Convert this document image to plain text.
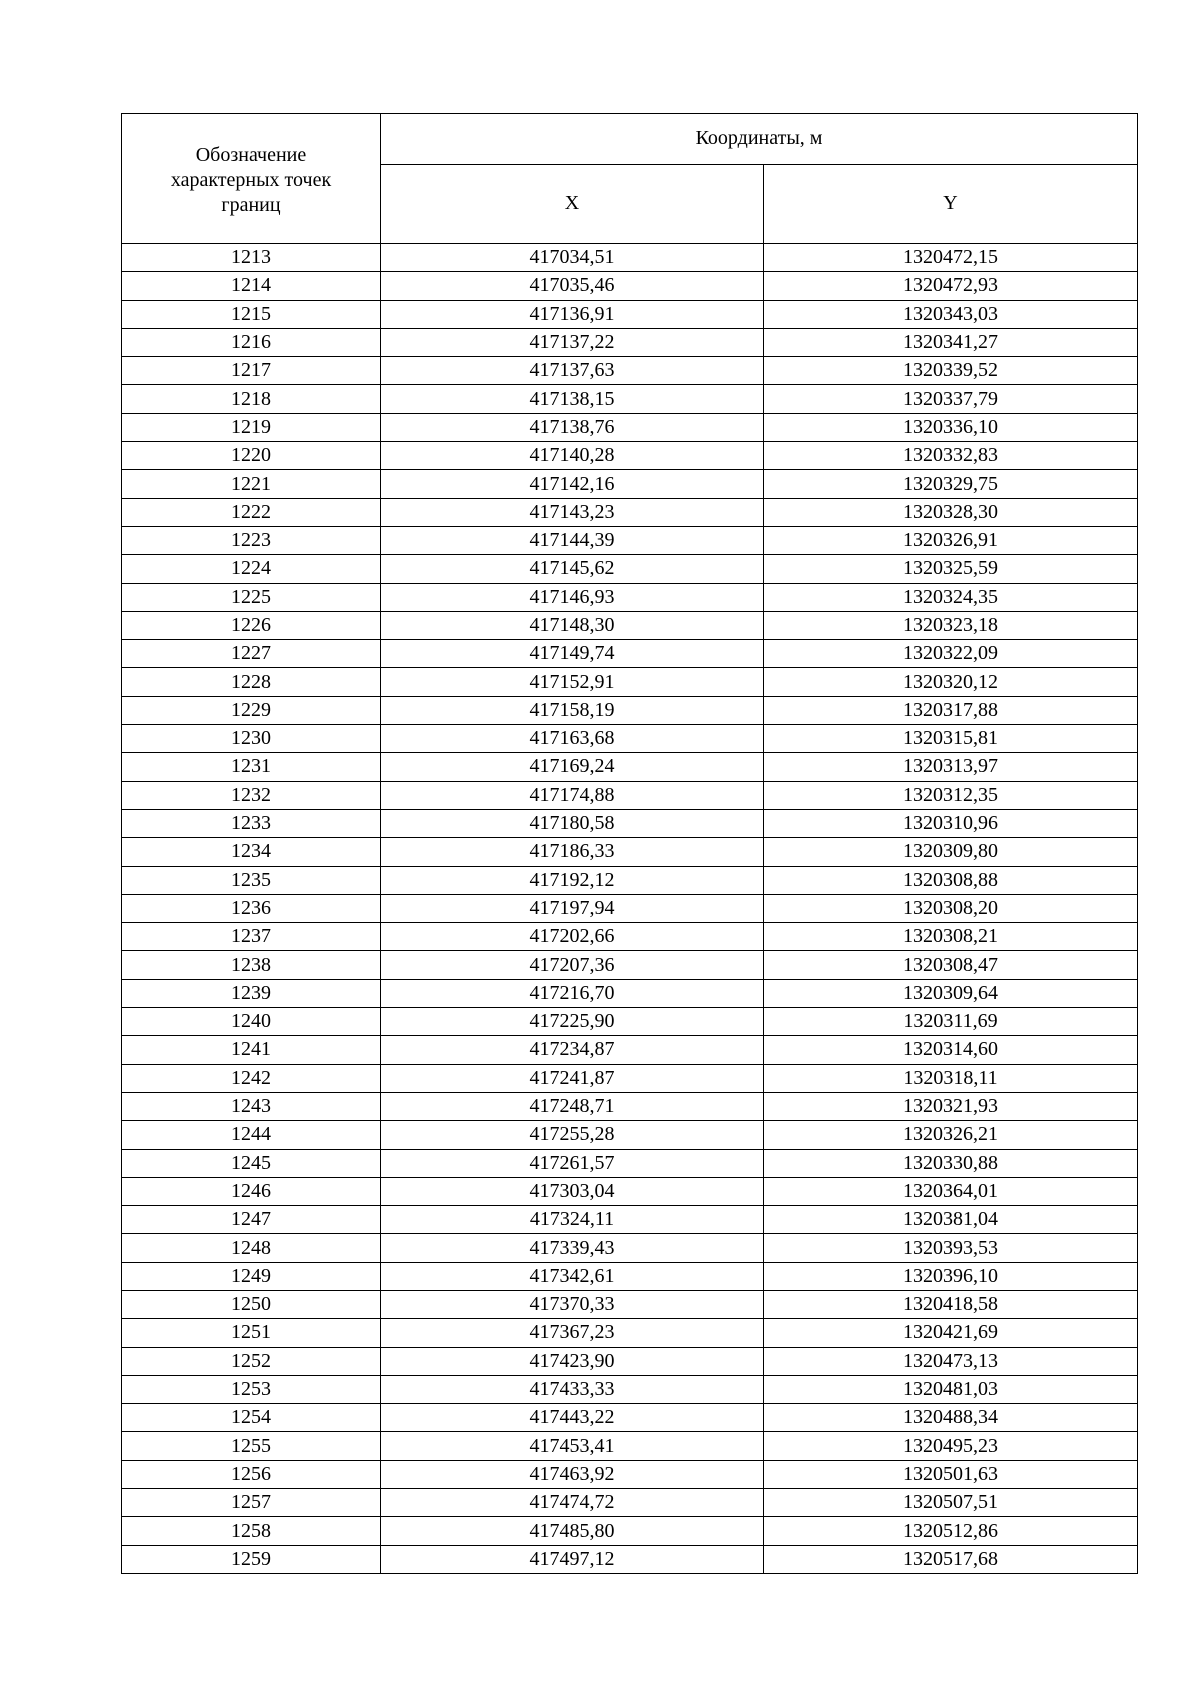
Обозначение
характерных точек
границ	Координаты, м	
	X	Y
1213	417034,51	1320472,15
1214	417035,46	1320472,93
1215	417136,91	1320343,03
1216	417137,22	1320341,27
1217	417137,63	1320339,52
1218	417138,15	1320337,79
1219	417138,76	1320336,10
1220	417140,28	1320332,83
1221	417142,16	1320329,75
1222	417143,23	1320328,30
1223	417144,39	1320326,91
1224	417145,62	1320325,59
1225	417146,93	1320324,35
1226	417148,30	1320323,18
1227	417149,74	1320322,09
1228	417152,91	1320320,12
1229	417158,19	1320317,88
1230	417163,68	1320315,81
1231	417169,24	1320313,97
1232	417174,88	1320312,35
1233	417180,58	1320310,96
1234	417186,33	1320309,80
1235	417192,12	1320308,88
1236	417197,94	1320308,20
1237	417202,66	1320308,21
1238	417207,36	1320308,47
1239	417216,70	1320309,64
1240	417225,90	1320311,69
1241	417234,87	1320314,60
1242	417241,87	1320318,11
1243	417248,71	1320321,93
1244	417255,28	1320326,21
1245	417261,57	1320330,88
1246	417303,04	1320364,01
1247	417324,11	1320381,04
1248	417339,43	1320393,53
1249	417342,61	1320396,10
1250	417370,33	1320418,58
1251	417367,23	1320421,69
1252	417423,90	1320473,13
1253	417433,33	1320481,03
1254	417443,22	1320488,34
1255	417453,41	1320495,23
1256	417463,92	1320501,63
1257	417474,72	1320507,51
1258	417485,80	1320512,86
1259	417497,12	1320517,68
